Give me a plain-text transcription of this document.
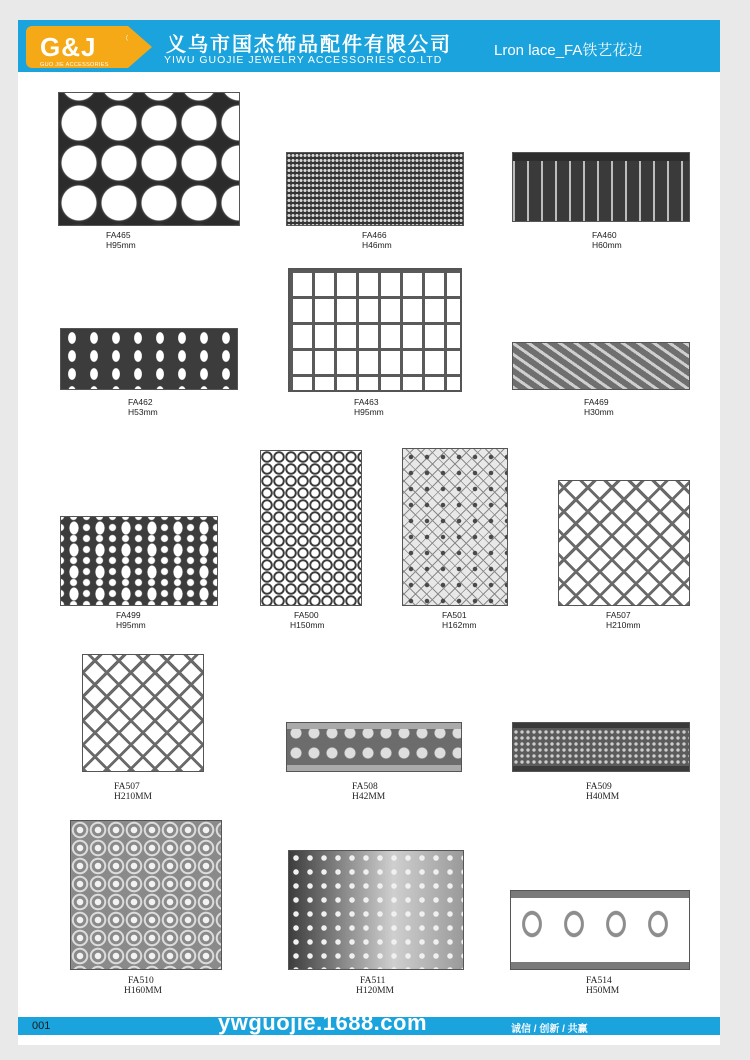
G&J	®
GUO JIE ACCESSORIES
义乌市国杰饰品配件有限公司
YIWU GUOJIE JEWELRY ACCESSORIES CO.LTD
Lron lace_FA铁艺花边
FA465
H95mm
FA466
H46mm
FA460
H60mm
FA462
H53mm
FA463
H95mm
FA469
H30mm
FA499
H95mm
FA500
H150mm
FA501
H162mm
FA507
H210mm
FA507
H210MM
FA508
H42MM
FA509
H40MM
FA510
H160MM
FA511
H120MM
FA514
H50MM
001	ywguojie.1688.com	诚信 / 创新 / 共赢
